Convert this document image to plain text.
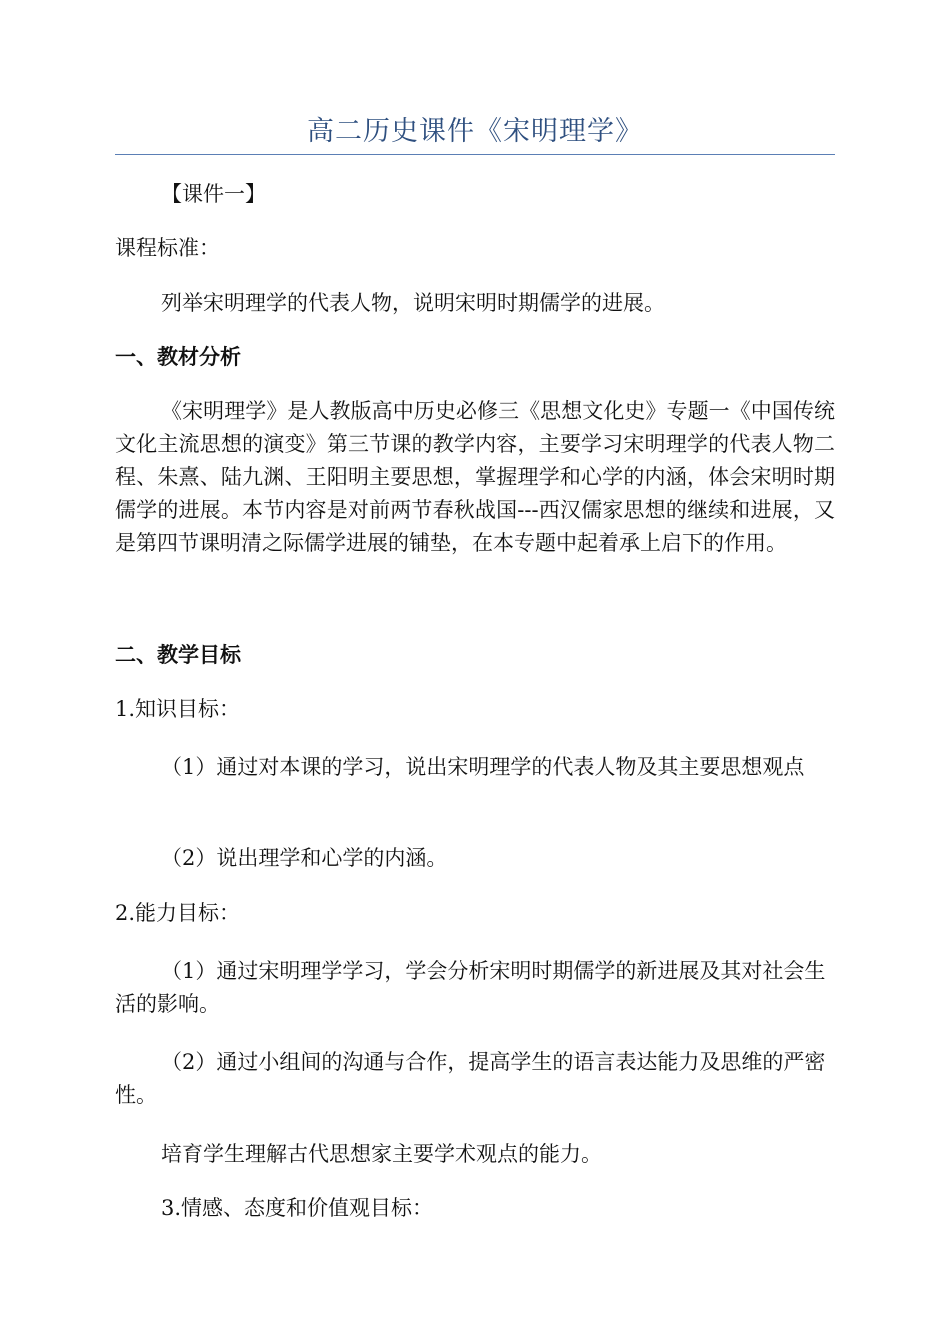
高二历史课件《宋明理学》

【课件一】

课程标准：

列举宋明理学的代表人物，说明宋明时期儒学的进展。

一、教材分析

《宋明理学》是人教版高中历史必修三《思想文化史》专题一《中国传统文化主流思想的演变》第三节课的教学内容，主要学习宋明理学的代表人物二程、朱熹、陆九渊、王阳明主要思想，掌握理学和心学的内涵，体会宋明时期儒学的进展。本节内容是对前两节春秋战国---西汉儒家思想的继续和进展，又是第四节课明清之际儒学进展的铺垫，在本专题中起着承上启下的作用。

二、教学目标

1.知识目标：

（1）通过对本课的学习，说出宋明理学的代表人物及其主要思想观点

（2）说出理学和心学的内涵。

2.能力目标：

（1）通过宋明理学学习，学会分析宋明时期儒学的新进展及其对社会生活的影响。

（2）通过小组间的沟通与合作，提高学生的语言表达能力及思维的严密性。

培育学生理解古代思想家主要学术观点的能力。

3.情感、态度和价值观目标：
